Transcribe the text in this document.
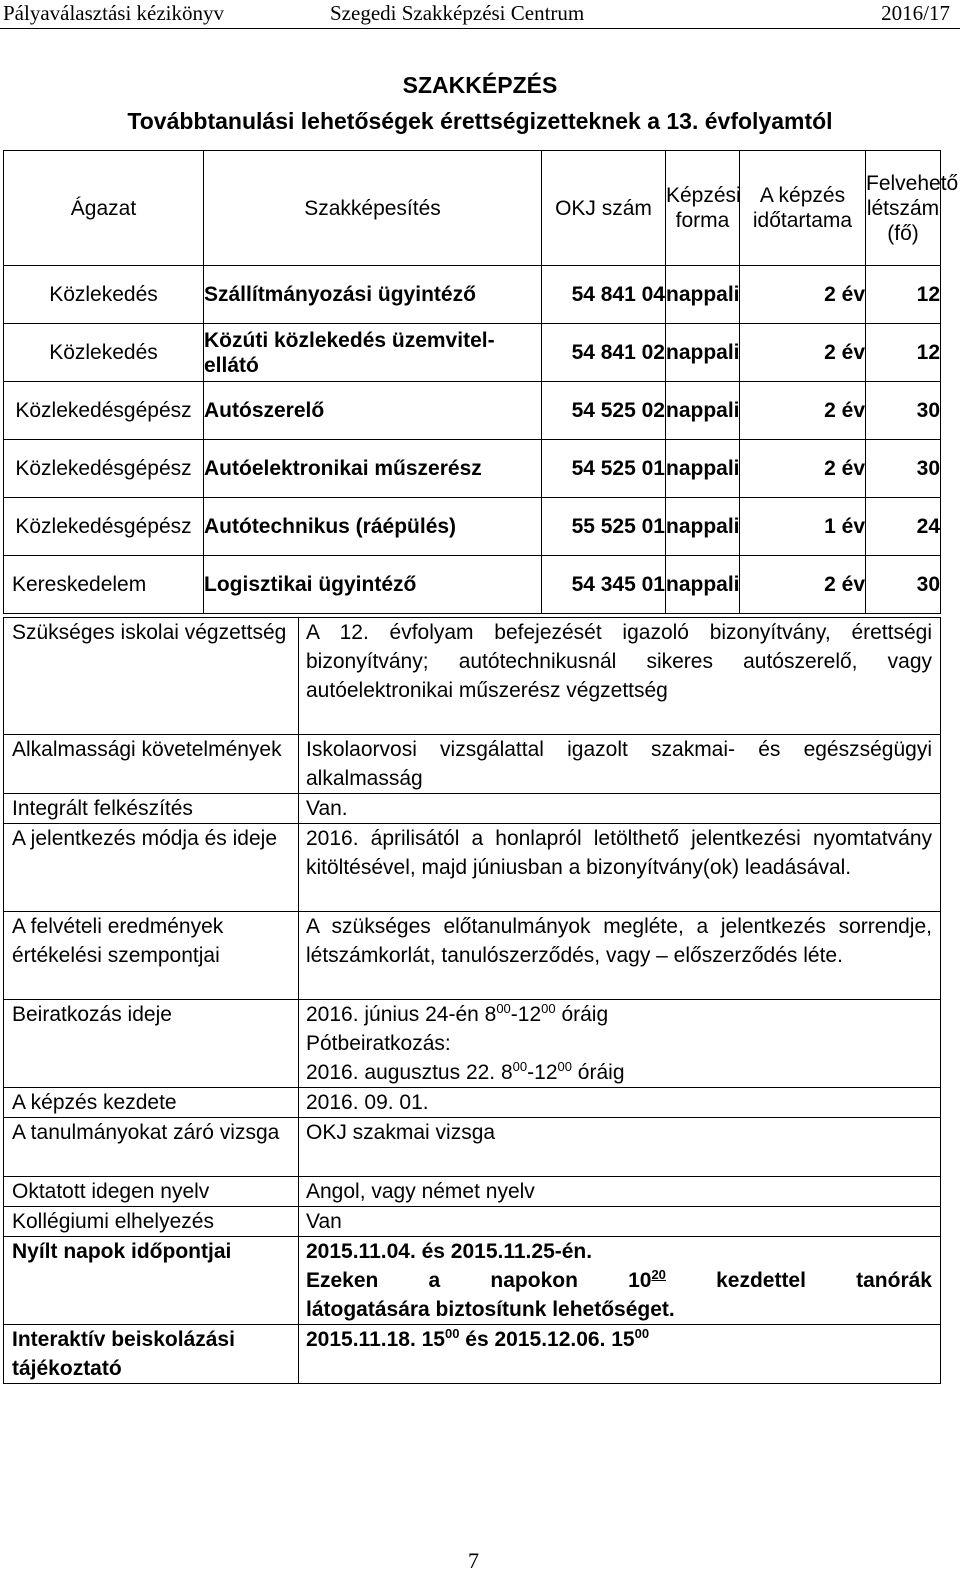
Pályaválasztási kézikönyv	Szegedi Szakképzési Centrum	2016/17
SZAKKÉPZÉS
Továbbtanulási lehetőségek érettségizetteknek a 13. évfolyamtól
Ágazat	Szakképesítés	OKJ szám	Képzési forma	A képzés időtartama	Felvehető létszám (fő)
Közlekedés	Szállítmányozási ügyintéző	54 841 04	nappali	2 év	12
Közlekedés	Közúti közlekedés üzemvitel-ellátó	54 841 02	nappali	2 év	12
Közlekedésgépész	Autószerelő	54 525 02	nappali	2 év	30
Közlekedésgépész	Autóelektronikai műszerész	54 525 01	nappali	2 év	30
Közlekedésgépész	Autótechnikus (ráépülés)	55 525 01	nappali	1 év	24
Kereskedelem	Logisztikai ügyintéző	54 345 01	nappali	2 év	30
Szükséges iskolai végzettség	A 12. évfolyam befejezését igazoló bizonyítvány, érettségi bizonyítvány; autótechnikusnál sikeres autószerelő, vagy autóelektronikai műszerész végzettség
Alkalmassági követelmények	Iskolaorvosi vizsgálattal igazolt szakmai- és egészségügyi alkalmasság
Integrált felkészítés	Van.
A jelentkezés módja és ideje	2016. áprilisától a honlapról letölthető jelentkezési nyomtatvány kitöltésével, majd júniusban a bizonyítvány(ok) leadásával.
A felvételi eredmények értékelési szempontjai	A szükséges előtanulmányok megléte, a jelentkezés sorrendje, létszámkorlát, tanulószerződés, vagy – előszerződés léte.
Beiratkozás ideje	2016. június 24-én $8^{00}-12^{00}$ óráig
Pótbeiratkozás:
2016. augusztus 22. $8^{00}-12^{00}$ óráig

A képzés kezdete	2016. 09. 01.
A tanulmányokat záró vizsga	OKJ szakmai vizsga
Oktatott idegen nyelv	Angol, vagy német nyelv
Kollégiumi elhelyezés	Van
Nyílt napok időpontjai	2015.11.04. és 2015.11.25-én.
Ezeken a napokon $10^{20}$ kezdettel tanórák
látogatására biztosítunk lehetőséget.

Interaktív beiskolázási tájékoztató	2015.11.18. $15^{00}$ és 2015.12.06. $15^{00}$
7
